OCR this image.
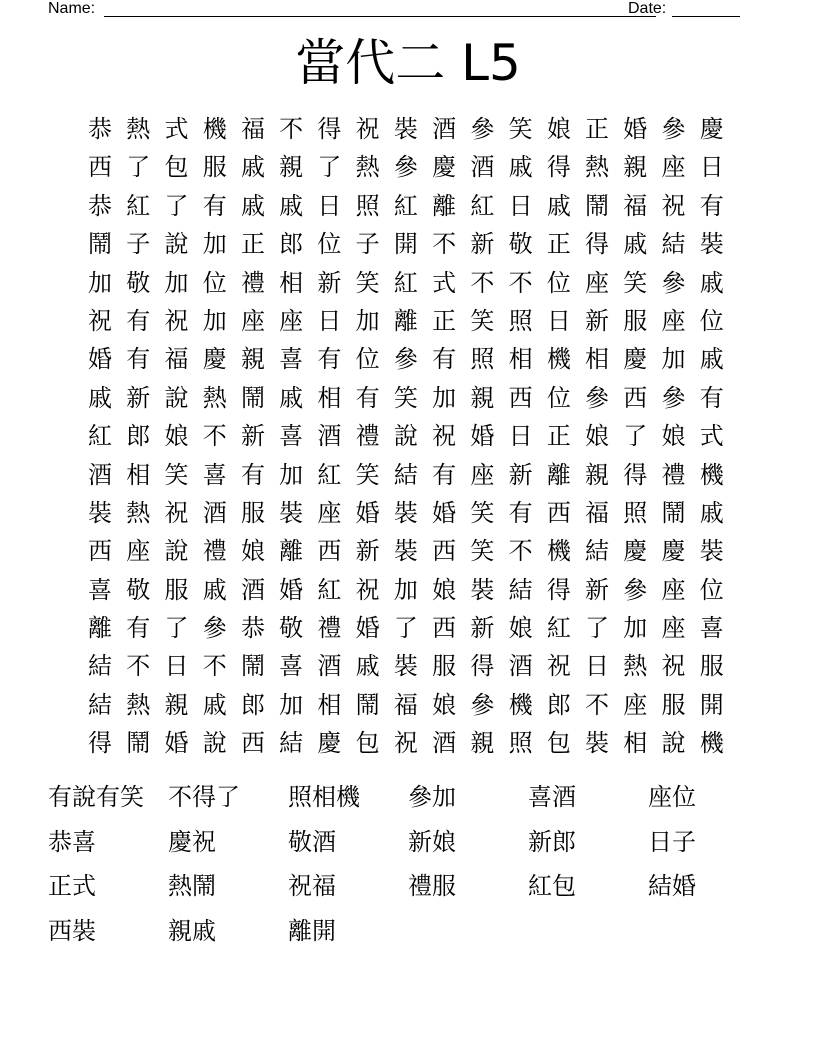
Name:	Date:
當代二 L5
恭 熱 式 機 福 不 得 祝 裝 酒 參 笑 娘 正 婚 參 慶
西 了 包 服 戚 親 了 熱 參 慶 酒 戚 得 熱 親 座 日
恭 紅 了 有 戚 戚 日 照 紅 離 紅 日 戚 鬧 福 祝 有
鬧 子 說 加 正 郎 位 子 開 不 新 敬 正 得 戚 結 裝
加 敬 加 位 禮 相 新 笑 紅 式 不 不 位 座 笑 參 戚
祝 有 祝 加 座 座 日 加 離 正 笑 照 日 新 服 座 位
婚 有 福 慶 親 喜 有 位 參 有 照 相 機 相 慶 加 戚
戚 新 說 熱 鬧 戚 相 有 笑 加 親 西 位 參 西 參 有
紅 郎 娘 不 新 喜 酒 禮 說 祝 婚 日 正 娘 了 娘 式
酒 相 笑 喜 有 加 紅 笑 結 有 座 新 離 親 得 禮 機
裝 熱 祝 酒 服 裝 座 婚 裝 婚 笑 有 西 福 照 鬧 戚
西 座 說 禮 娘 離 西 新 裝 西 笑 不 機 結 慶 慶 裝
喜 敬 服 戚 酒 婚 紅 祝 加 娘 裝 結 得 新 參 座 位
離 有 了 參 恭 敬 禮 婚 了 西 新 娘 紅 了 加 座 喜
結 不 日 不 鬧 喜 酒 戚 裝 服 得 酒 祝 日 熱 祝 服
結 熱 親 戚 郎 加 相 鬧 福 娘 參 機 郎 不 座 服 開
得 鬧 婚 說 西 結 慶 包 祝 酒 親 照 包 裝 相 說 機
有說有笑	不得了	照相機	參加	喜酒	座位
恭喜	慶祝	敬酒	新娘	新郎	日子
正式	熱鬧	祝福	禮服	紅包	結婚
西裝	親戚	離開
